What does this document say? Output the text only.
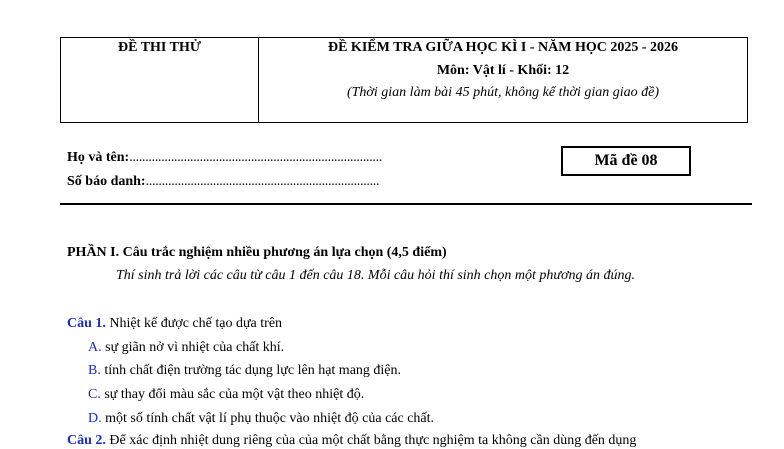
ĐỀ THI THỬ	ĐỀ KIỂM TRA GIỮA HỌC KÌ I - NĂM HỌC 2025 - 2026
Môn: Vật lí - Khối: 12
(Thời gian làm bài 45 phút, không kể thời gian giao đề)
Họ và tên:...............................................................................
Số báo danh:.........................................................................
Mã đề 08
PHẦN I. Câu trắc nghiệm nhiều phương án lựa chọn (4,5 điểm)
Thí sinh trả lời các câu từ câu 1 đến câu 18. Mỗi câu hỏi thí sinh chọn một phương án đúng.
Câu 1. Nhiệt kế được chế tạo dựa trên
A. sự giãn nở vì nhiệt của chất khí.
B. tính chất điện trường tác dụng lực lên hạt mang điện.
C. sự thay đổi màu sắc của một vật theo nhiệt độ.
D. một số tính chất vật lí phụ thuộc vào nhiệt độ của các chất.
Câu 2. Để xác định nhiệt dung riêng của của một chất bằng thực nghiệm ta không cần dùng đến dụng
